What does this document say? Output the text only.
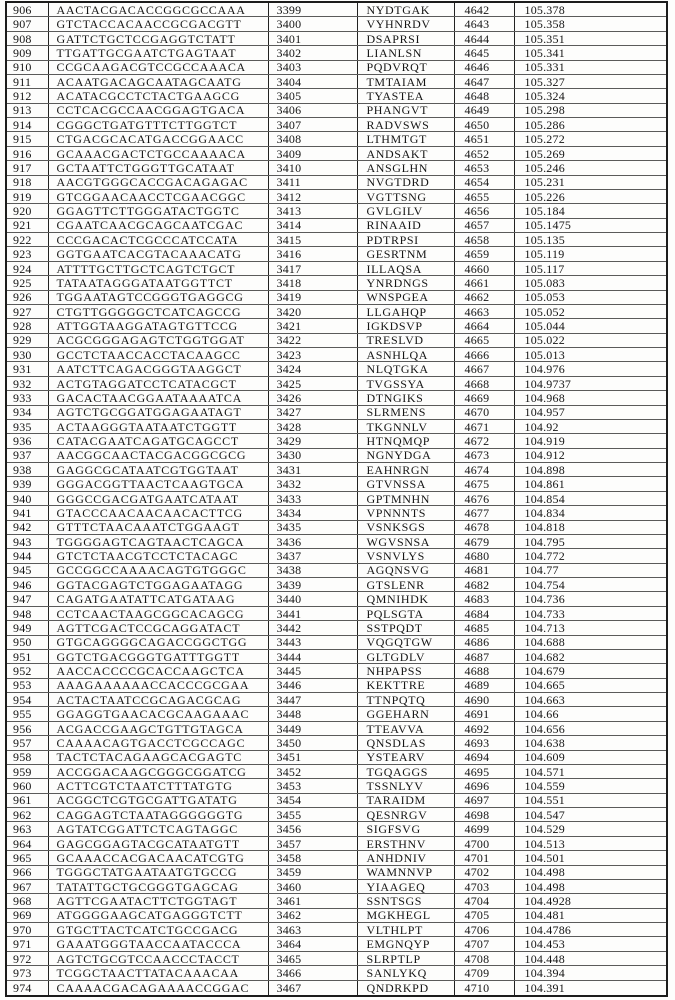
906	AACTACGACACCGGCGCCAAA	3399	NYDTGAK	4642	105.378
907	GTCTACCACAACCGCGACGTT	3400	VYHNRDV	4643	105.358
908	GATTCTGCTCCGAGGTCTATT	3401	DSAPRSI	4644	105.351
909	TTGATTGCGAATCTGAGTAAT	3402	LIANLSN	4645	105.341
910	CCGCAAGACGTCCGCCAAACA	3403	PQDVRQT	4646	105.331
911	ACAATGACAGCAATAGCAATG	3404	TMTAIAM	4647	105.327
912	ACATACGCCTCTACTGAAGCG	3405	TYASTEA	4648	105.324
913	CCTCACGCCAACGGAGTGACA	3406	PHANGVT	4649	105.298
914	CGGGCTGATGTTTCTTGGTCT	3407	RADVSWS	4650	105.286
915	CTGACGCACATGACCGGAACC	3408	LTHMTGT	4651	105.272
916	GCAAACGACTCTGCCAAAACA	3409	ANDSAKT	4652	105.269
917	GCTAATTCTGGGTTGCATAAT	3410	ANSGLHN	4653	105.246
918	AACGTGGGCACCGACAGAGAC	3411	NVGTDRD	4654	105.231
919	GTCGGAACAACCTCGAACGGC	3412	VGTTSNG	4655	105.226
920	GGAGTTCTTGGGATACTGGTC	3413	GVLGILV	4656	105.184
921	CGAATCAACGCAGCAATCGAC	3414	RINAAID	4657	105.1475
922	CCCGACACTCGCCCATCCATA	3415	PDTRPSI	4658	105.135
923	GGTGAATCACGTACAAACATG	3416	GESRTNM	4659	105.119
924	ATTTTGCTTGCTCAGTCTGCT	3417	ILLAQSA	4660	105.117
925	TATAATAGGGATAATGGTTCT	3418	YNRDNGS	4661	105.083
926	TGGAATAGTCCGGGTGAGGCG	3419	WNSPGEA	4662	105.053
927	CTGTTGGGGGCTCATCAGCCG	3420	LLGAHQP	4663	105.052
928	ATTGGTAAGGATAGTGTTCCG	3421	IGKDSVP	4664	105.044
929	ACGCGGGAGAGTCTGGTGGAT	3422	TRESLVD	4665	105.022
930	GCCTCTAACCACCTACAAGCC	3423	ASNHLQA	4666	105.013
931	AATCTTCAGACGGGTAAGGCT	3424	NLQTGKA	4667	104.976
932	ACTGTAGGATCCTCATACGCT	3425	TVGSSYA	4668	104.9737
933	GACACTAACGGAATAAAATCA	3426	DTNGIKS	4669	104.968
934	AGTCTGCGGATGGAGAATAGT	3427	SLRMENS	4670	104.957
935	ACTAAGGGTAATAATCTGGTT	3428	TKGNNLV	4671	104.92
936	CATACGAATCAGATGCAGCCT	3429	HTNQMQP	4672	104.919
937	AACGGCAACTACGACGGCGCG	3430	NGNYDGA	4673	104.912
938	GAGGCGCATAATCGTGGTAAT	3431	EAHNRGN	4674	104.898
939	GGGACGGTTAACTCAAGTGCA	3432	GTVNSSA	4675	104.861
940	GGGCCGACGATGAATCATAAT	3433	GPTMNHN	4676	104.854
941	GTACCCAACAACAACACTTCG	3434	VPNNNTS	4677	104.834
942	GTTTCTAACAAATCTGGAAGT	3435	VSNKSGS	4678	104.818
943	TGGGGAGTCAGTAACTCAGCA	3436	WGVSNSA	4679	104.795
944	GTCTCTAACGTCCTCTACAGC	3437	VSNVLYS	4680	104.772
945	GCCGGCCAAAACAGTGTGGGC	3438	AGQNSVG	4681	104.77
946	GGTACGAGTCTGGAGAATAGG	3439	GTSLENR	4682	104.754
947	CAGATGAATATTCATGATAAG	3440	QMNIHDK	4683	104.736
948	CCTCAACTAAGCGGCACAGCG	3441	PQLSGTA	4684	104.733
949	AGTTCGACTCCGCAGGATACT	3442	SSTPQDT	4685	104.713
950	GTGCAGGGGCAGACCGGCTGG	3443	VQGQTGW	4686	104.688
951	GGTCTGACGGGTGATTTGGTT	3444	GLTGDLV	4687	104.682
952	AACCACCCCGCACCAAGCTCA	3445	NHPAPSS	4688	104.679
953	AAAGAAAAAACCACCCGCGAA	3446	KEKTTRE	4689	104.665
954	ACTACTAATCCGCAGACGCAG	3447	TTNPQTQ	4690	104.663
955	GGAGGTGAACACGCAAGAAAC	3448	GGEHARN	4691	104.66
956	ACGACCGAAGCTGTTGTAGCA	3449	TTEAVVA	4692	104.656
957	CAAAACAGTGACCTCGCCAGC	3450	QNSDLAS	4693	104.638
958	TACTCTACAGAAGCACGAGTC	3451	YSTEARV	4694	104.609
959	ACCGGACAAGCGGGCGGATCG	3452	TGQAGGS	4695	104.571
960	ACTTCGTCTAATCTTTATGTG	3453	TSSNLYV	4696	104.559
961	ACGGCTCGTGCGATTGATATG	3454	TARAIDM	4697	104.551
962	CAGGAGTCTAATAGGGGGGTG	3455	QESNRGV	4698	104.547
963	AGTATCGGATTCTCAGTAGGC	3456	SIGFSVG	4699	104.529
964	GAGCGGAGTACGCATAATGTT	3457	ERSTHNV	4700	104.513
965	GCAAACCACGACAACATCGTG	3458	ANHDNIV	4701	104.501
966	TGGGCTATGAATAATGTGCCG	3459	WAMNNVP	4702	104.498
967	TATATTGCTGCGGGTGAGCAG	3460	YIAAGEQ	4703	104.498
968	AGTTCGAATACTTCTGGTAGT	3461	SSNTSGS	4704	104.4928
969	ATGGGGAAGCATGAGGGTCTT	3462	MGKHEGL	4705	104.481
970	GTGCTTACTCATCTGCCGACG	3463	VLTHLPT	4706	104.4786
971	GAAATGGGTAACCAATACCCA	3464	EMGNQYP	4707	104.453
972	AGTCTGCGTCCAACCCTACCT	3465	SLRPTLP	4708	104.448
973	TCGGCTAACTTATACAAACAA	3466	SANLYKQ	4709	104.394
974	CAAAACGACAGAAAACCGGAC	3467	QNDRKPD	4710	104.391
